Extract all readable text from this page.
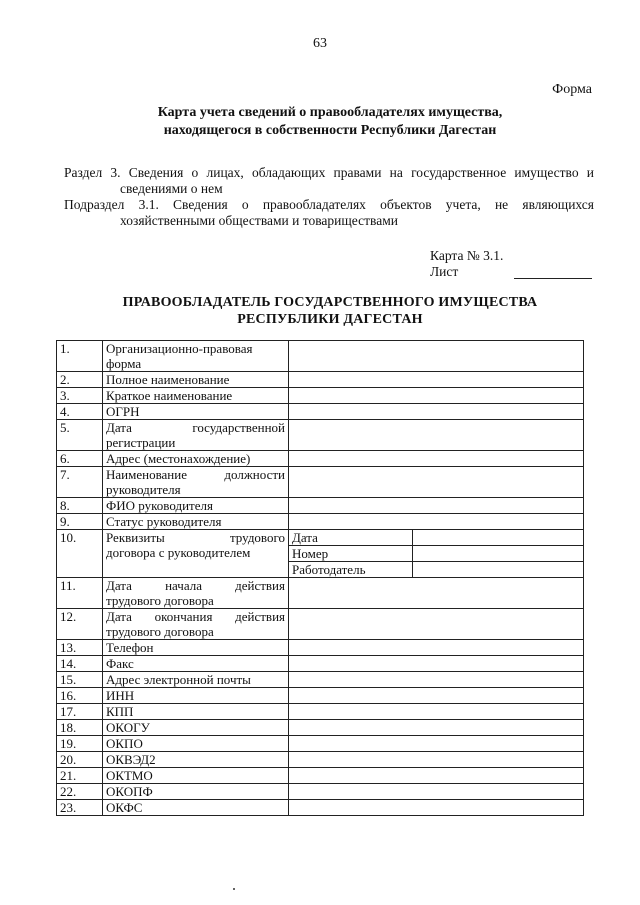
63
Форма
Карта учета сведений о правообладателях имущества,
находящегося в собственности Республики Дагестан
Раздел 3. Сведения о лицах, обладающих правами на государственное имущество и
сведениями о нем
Подраздел 3.1. Сведения о правообладателях объектов учета, не являющихся
хозяйственными обществами и товариществами
Карта № 3.1.
Лист
ПРАВООБЛАДАТЕЛЬ ГОСУДАРСТВЕННОГО ИМУЩЕСТВА
РЕСПУБЛИКИ ДАГЕСТАН
1.	Организационно-правовая
форма		

2.	Полное наименование		
3.	Краткое наименование		
4.	ОГРН		
5.	Дата государственной
регистрации		

6.	Адрес (местонахождение)		
7.	Наименование должности
руководителя		

8.	ФИО руководителя		
9.	Статус руководителя		
10.	Реквизиты трудового
договора с руководителем	Дата	
		Номер	
		Работодатель	
11.	Дата начала действия
трудового договора		

12.	Дата окончания действия
трудового договора		

13.	Телефон		
14.	Факс		
15.	Адрес электронной почты		
16.	ИНН		
17.	КПП		
18.	ОКОГУ		
19.	ОКПО		
20.	ОКВЭД2		
21.	ОКТМО		
22.	ОКОПФ		
23.	ОКФС		
